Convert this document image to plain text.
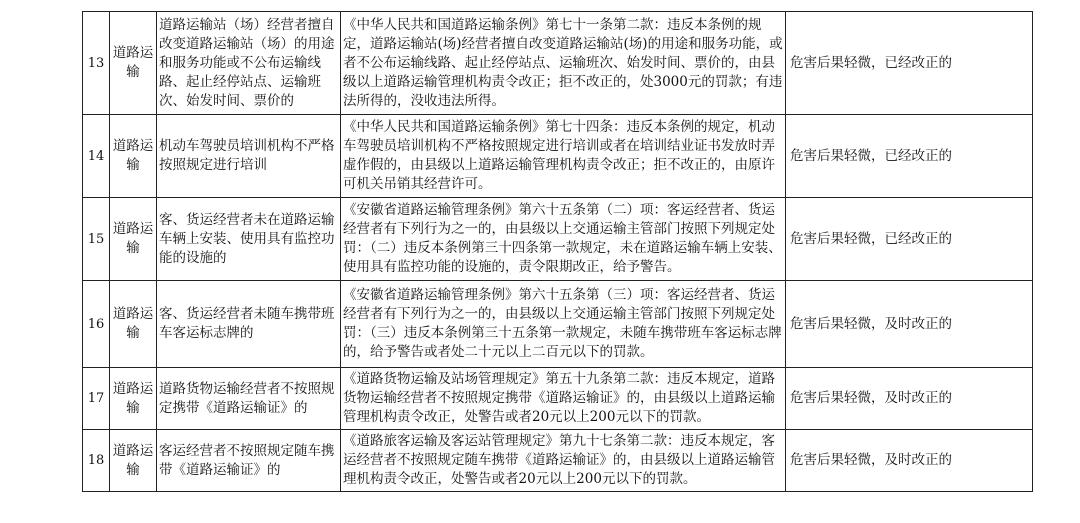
13	道路运输	道路运输站（场）经营者擅自改变道路运输站（场）的用途和服务功能或不公布运输线路、起止经停站点、运输班次、始发时间、票价的	《中华人民共和国道路运输条例》第七十一条第二款：违反本条例的规定，道路运输站(场)经营者擅自改变道路运输站(场)的用途和服务功能，或者不公布运输线路、起止经停站点、运输班次、始发时间、票价的，由县级以上道路运输管理机构责令改正；拒不改正的，处3000元的罚款；有违法所得的，没收违法所得。	危害后果轻微，已经改正的
14	道路运输	机动车驾驶员培训机构不严格按照规定进行培训	《中华人民共和国道路运输条例》第七十四条：违反本条例的规定，机动车驾驶员培训机构不严格按照规定进行培训或者在培训结业证书发放时弄虚作假的，由县级以上道路运输管理机构责令改正；拒不改正的，由原许可机关吊销其经营许可。	危害后果轻微，已经改正的
15	道路运输	客、货运经营者未在道路运输车辆上安装、使用具有监控功能的设施的	《安徽省道路运输管理条例》第六十五条第（二）项：客运经营者、货运经营者有下列行为之一的，由县级以上交通运输主管部门按照下列规定处罚：（二）违反本条例第三十四条第一款规定，未在道路运输车辆上安装、使用具有监控功能的设施的，责令限期改正，给予警告。	危害后果轻微，已经改正的
16	道路运输	客、货运经营者未随车携带班车客运标志牌的	《安徽省道路运输管理条例》第六十五条第（三）项：客运经营者、货运经营者有下列行为之一的，由县级以上交通运输主管部门按照下列规定处罚：（三）违反本条例第三十五条第一款规定，未随车携带班车客运标志牌的，给予警告或者处二十元以上二百元以下的罚款。	危害后果轻微，及时改正的
17	道路运输	道路货物运输经营者不按照规定携带《道路运输证》的	《道路货物运输及站场管理规定》第五十九条第二款：违反本规定，道路货物运输经营者不按照规定携带《道路运输证》的，由县级以上道路运输管理机构责令改正，处警告或者20元以上200元以下的罚款。	危害后果轻微，及时改正的
18	道路运输	客运经营者不按照规定随车携带《道路运输证》的	《道路旅客运输及客运站管理规定》第九十七条第二款：违反本规定，客运经营者不按照规定随车携带《道路运输证》的，由县级以上道路运输管理机构责令改正，处警告或者20元以上200元以下的罚款。	危害后果轻微，及时改正的
